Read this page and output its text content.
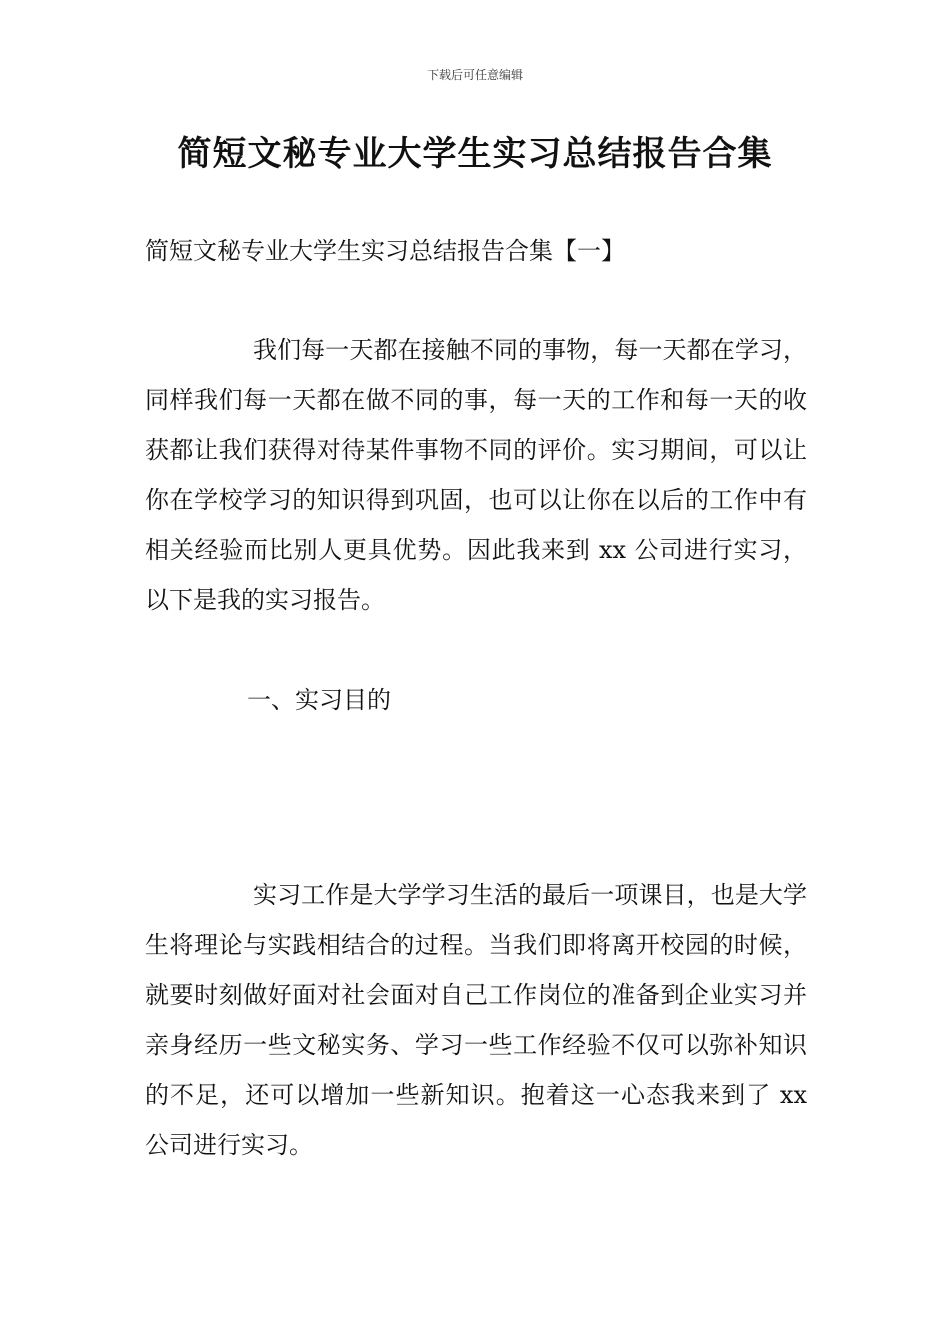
下载后可任意编辑
简短文秘专业大学生实习总结报告合集
简短文秘专业大学生实习总结报告合集【一】

我们每一天都在接触不同的事物，每一天都在学习，同样我们每一天都在做不同的事，每一天的工作和每一天的收获都让我们获得对待某件事物不同的评价。实习期间，可以让你在学校学习的知识得到巩固，也可以让你在以后的工作中有相关经验而比别人更具优势。因此我来到 xx 公司进行实习，以下是我的实习报告。

一、实习目的

实习工作是大学学习生活的最后一项课目，也是大学生将理论与实践相结合的过程。当我们即将离开校园的时候，就要时刻做好面对社会面对自己工作岗位的准备到企业实习并亲身经历一些文秘实务、学习一些工作经验不仅可以弥补知识的不足，还可以增加一些新知识。抱着这一心态我来到了 xx 公司进行实习。
